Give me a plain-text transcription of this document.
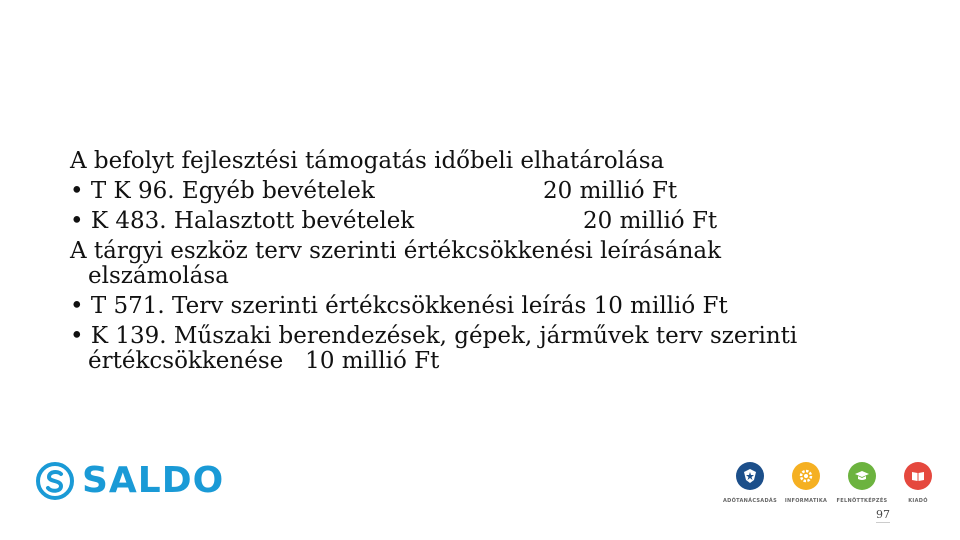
A befolyt fejlesztési támogatás időbeli elhatárolása
• T K 96. Egyéb bevételek	20 millió Ft
• K 483. Halasztott bevételek	20 millió Ft
A tárgyi eszköz terv szerinti értékcsökkenési leírásának
elszámolása
• T 571. Terv szerinti értékcsökkenési leírás 10 millió Ft
• K 139. Műszaki berendezések, gépek, járművek terv szerinti
értékcsökkenése   10 millió Ft
SALDO	ADÓTANÁCSADÁS INFORMATIKA FELNŐTTKÉPZÉS	KIADÓ
97
